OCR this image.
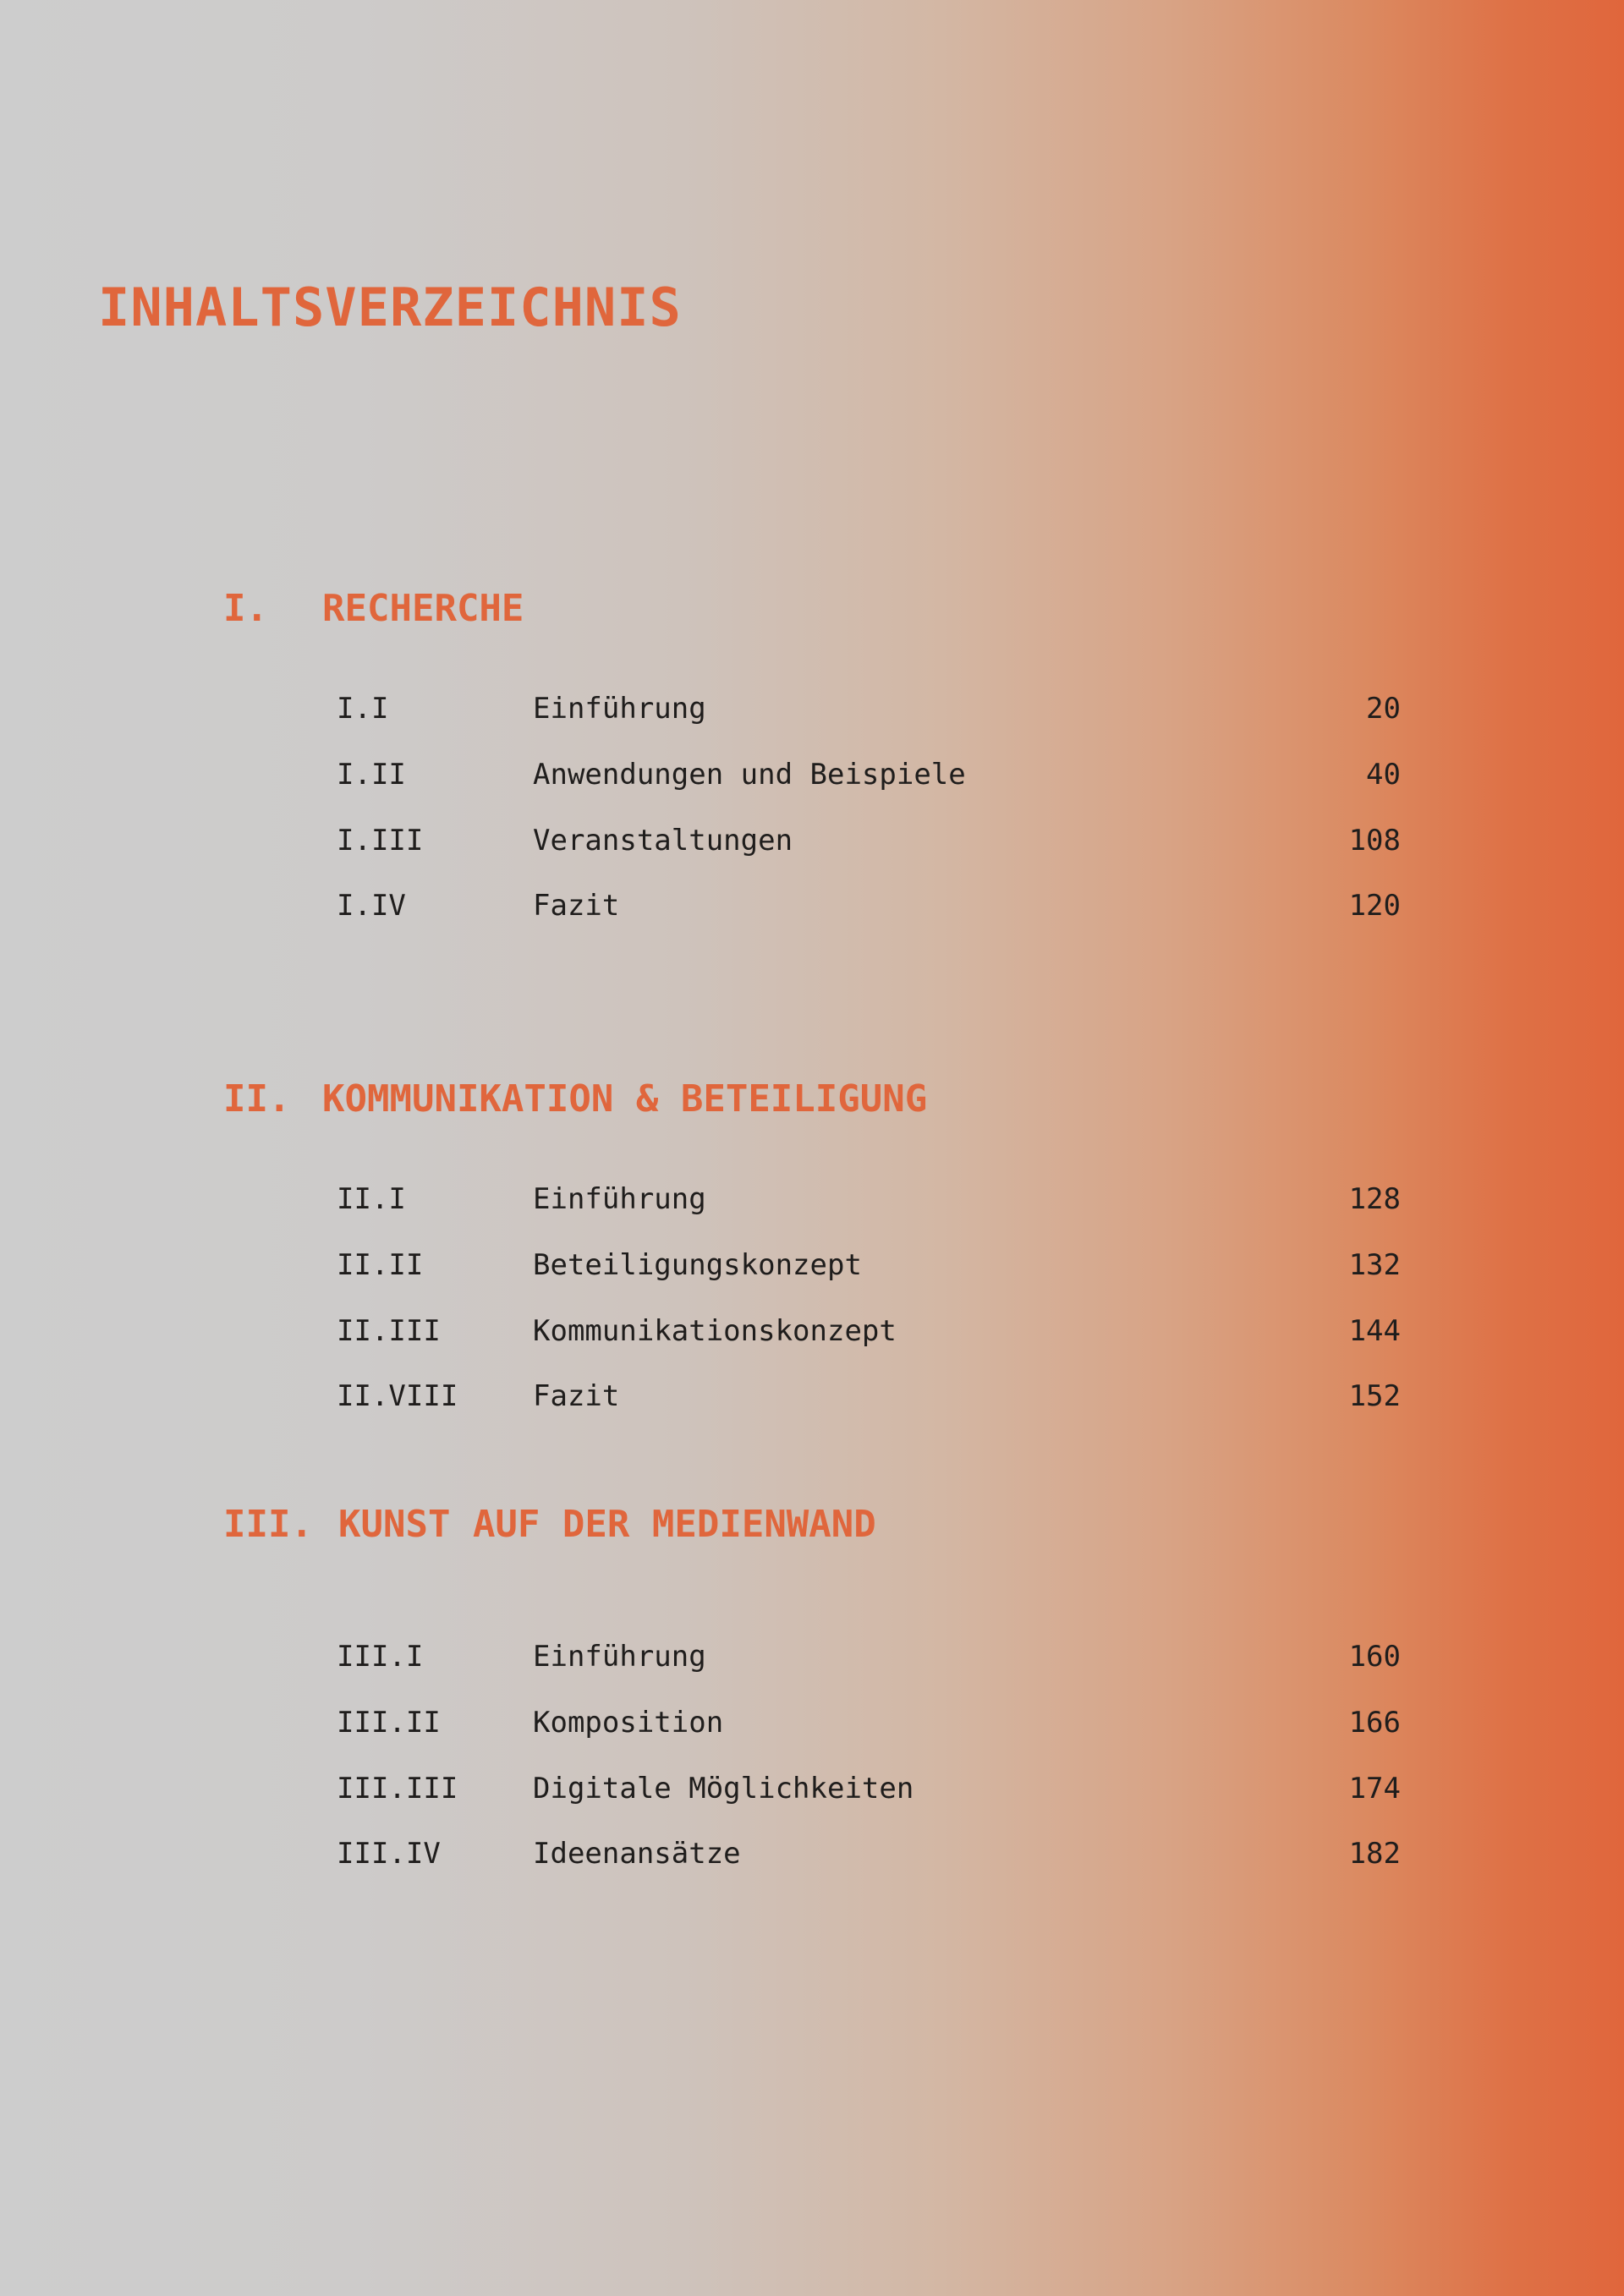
INHALTSVERZEICHNIS
I. RECHERCHE
I.I	Einführung	20
I.II	Anwendungen und Beispiele	40
I.III	Veranstaltungen	108
I.IV	Fazit	120
II. KOMMUNIKATION & BETEILIGUNG
II.I	Einführung	128
II.II	Beteiligungskonzept	132
II.III	Kommunikationskonzept	144
II.VIII	Fazit	152
III. KUNST AUF DER MEDIENWAND
III.I	Einführung	160
III.II	Komposition	166
III.III	Digitale Möglichkeiten	174
III.IV	Ideenansätze	182
